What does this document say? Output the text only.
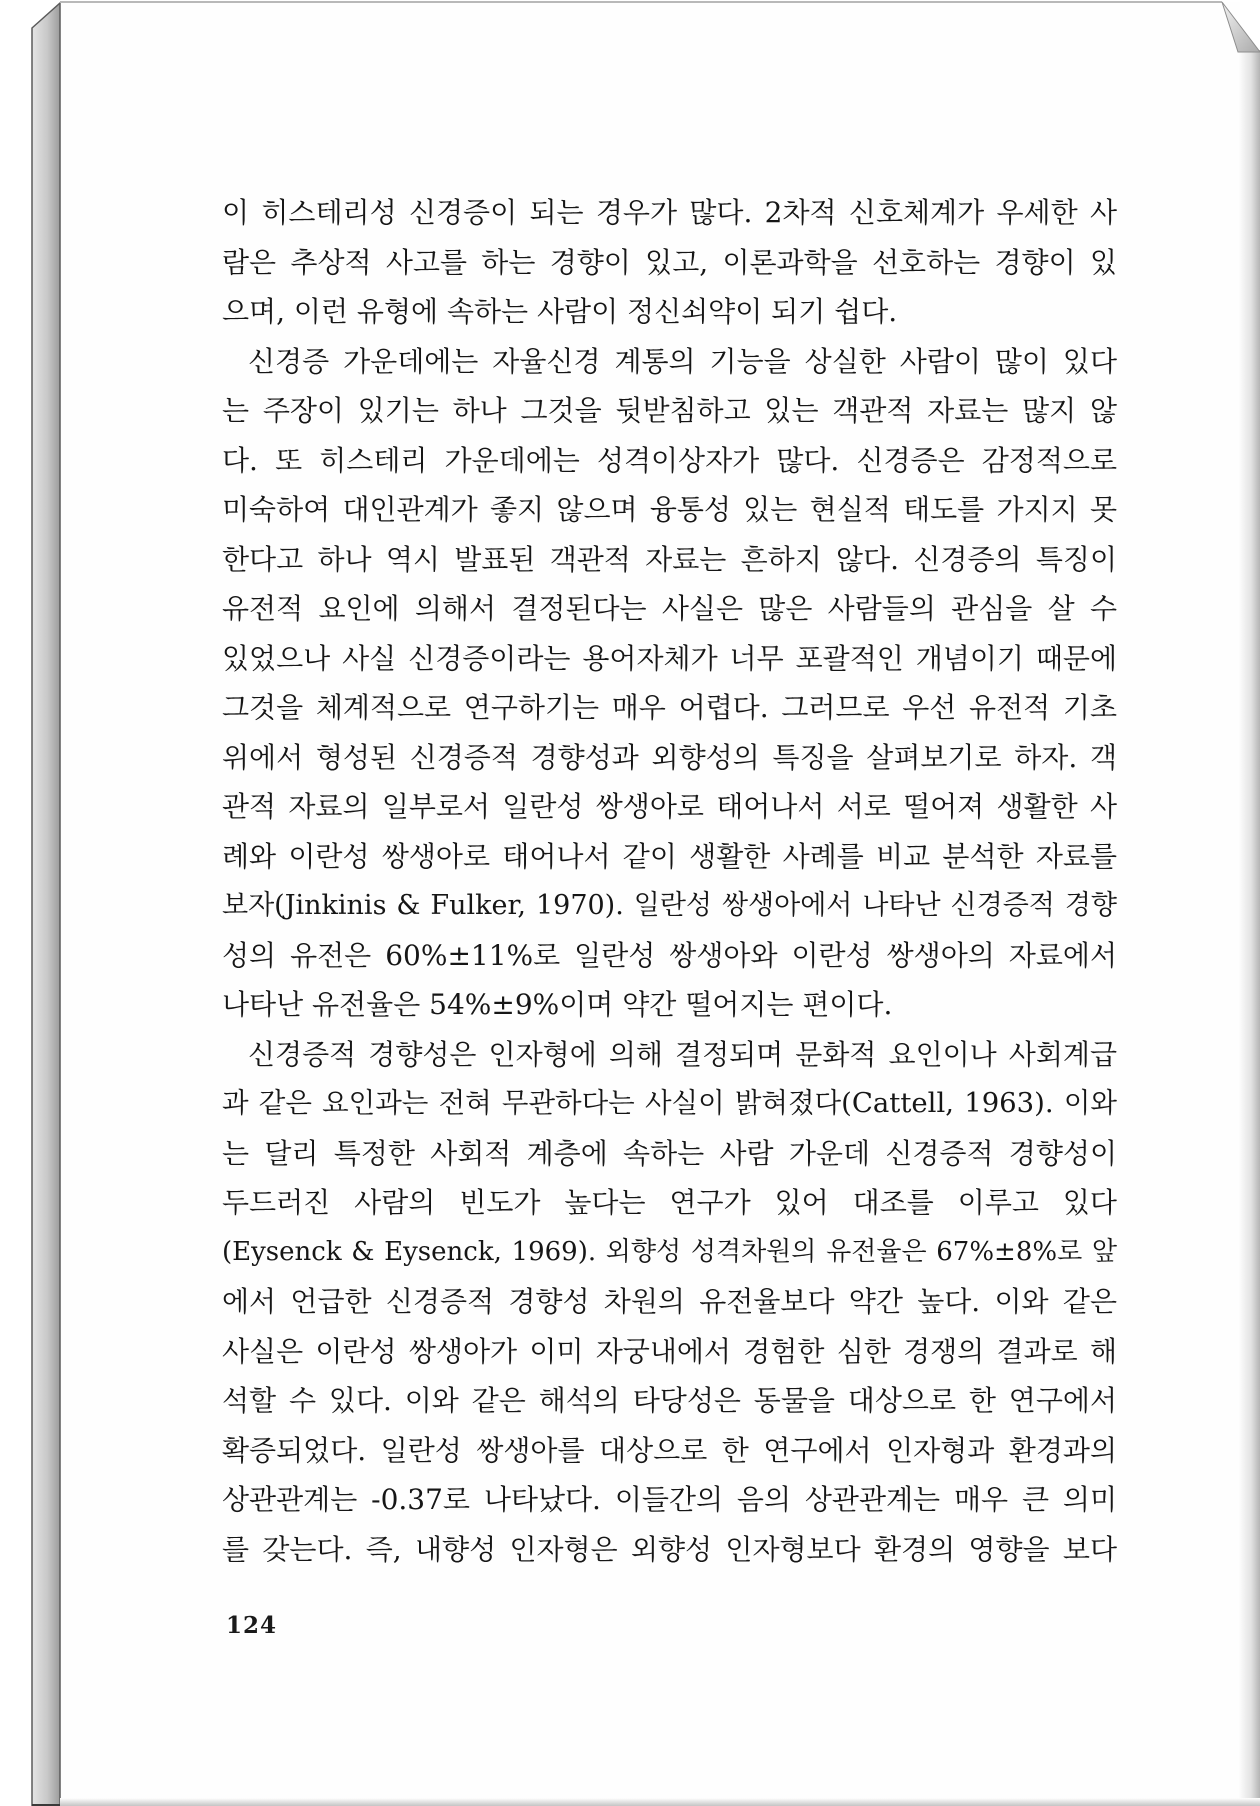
이 히스테리성 신경증이 되는 경우가 많다. 2차적 신호체계가 우세한 사
람은 추상적 사고를 하는 경향이 있고, 이론과학을 선호하는 경향이 있
으며, 이런 유형에 속하는 사람이 정신쇠약이 되기 쉽다.
신경증 가운데에는 자율신경 계통의 기능을 상실한 사람이 많이 있다
는 주장이 있기는 하나 그것을 뒷받침하고 있는 객관적 자료는 많지 않
다. 또 히스테리 가운데에는 성격이상자가 많다. 신경증은 감정적으로
미숙하여 대인관계가 좋지 않으며 융통성 있는 현실적 태도를 가지지 못
한다고 하나 역시 발표된 객관적 자료는 흔하지 않다. 신경증의 특징이
유전적 요인에 의해서 결정된다는 사실은 많은 사람들의 관심을 살 수
있었으나 사실 신경증이라는 용어자체가 너무 포괄적인 개념이기 때문에
그것을 체계적으로 연구하기는 매우 어렵다. 그러므로 우선 유전적 기초
위에서 형성된 신경증적 경향성과 외향성의 특징을 살펴보기로 하자. 객
관적 자료의 일부로서 일란성 쌍생아로 태어나서 서로 떨어져 생활한 사
례와 이란성 쌍생아로 태어나서 같이 생활한 사례를 비교 분석한 자료를
보자(Jinkinis & Fulker, 1970). 일란성 쌍생아에서 나타난 신경증적 경향
성의 유전은 60%±11%로 일란성 쌍생아와 이란성 쌍생아의 자료에서
나타난 유전율은 54%±9%이며 약간 떨어지는 편이다.
신경증적 경향성은 인자형에 의해 결정되며 문화적 요인이나 사회계급
과 같은 요인과는 전혀 무관하다는 사실이 밝혀졌다(Cattell, 1963). 이와
는 달리 특정한 사회적 계층에 속하는 사람 가운데 신경증적 경향성이
두드러진 사람의 빈도가 높다는 연구가 있어 대조를 이루고 있다
(Eysenck & Eysenck, 1969). 외향성 성격차원의 유전율은 67%±8%로 앞
에서 언급한 신경증적 경향성 차원의 유전율보다 약간 높다. 이와 같은
사실은 이란성 쌍생아가 이미 자궁내에서 경험한 심한 경쟁의 결과로 해
석할 수 있다. 이와 같은 해석의 타당성은 동물을 대상으로 한 연구에서
확증되었다. 일란성 쌍생아를 대상으로 한 연구에서 인자형과 환경과의
상관관계는 -0.37로 나타났다. 이들간의 음의 상관관계는 매우 큰 의미
를 갖는다. 즉, 내향성 인자형은 외향성 인자형보다 환경의 영향을 보다
124
